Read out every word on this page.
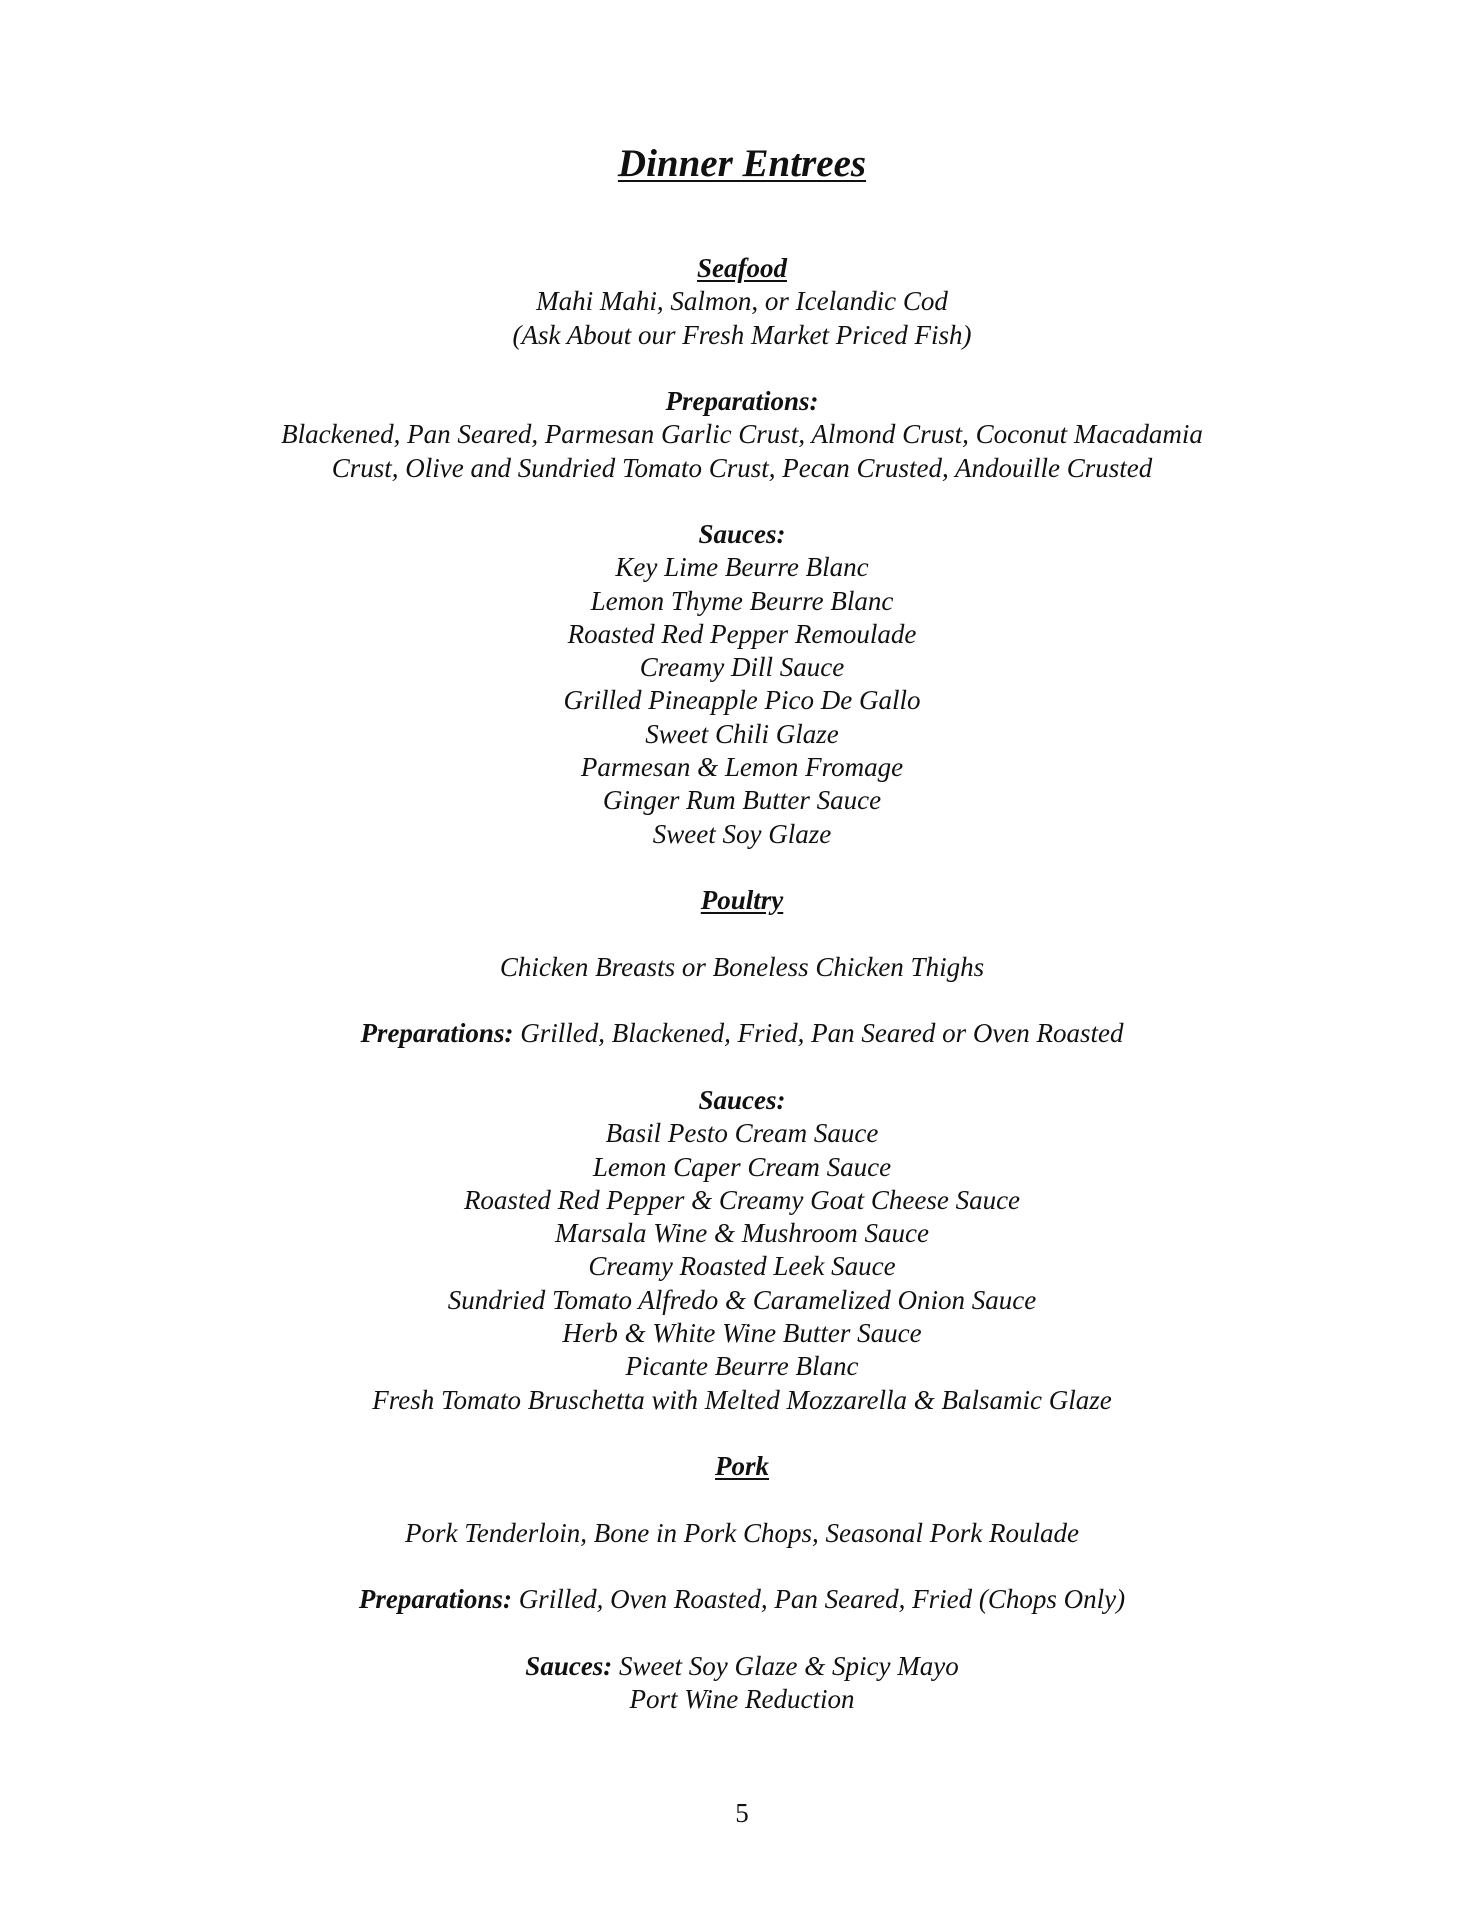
Dinner Entrees
Seafood
Mahi Mahi, Salmon, or Icelandic Cod
(Ask About our Fresh Market Priced Fish)
Preparations:
Blackened, Pan Seared, Parmesan Garlic Crust, Almond Crust, Coconut Macadamia
Crust, Olive and Sundried Tomato Crust, Pecan Crusted, Andouille Crusted
Sauces:
Key Lime Beurre Blanc
Lemon Thyme Beurre Blanc
Roasted Red Pepper Remoulade
Creamy Dill Sauce
Grilled Pineapple Pico De Gallo
Sweet Chili Glaze
Parmesan & Lemon Fromage
Ginger Rum Butter Sauce
Sweet Soy Glaze
Poultry
Chicken Breasts or Boneless Chicken Thighs
Preparations: Grilled, Blackened, Fried, Pan Seared or Oven Roasted
Sauces:
Basil Pesto Cream Sauce
Lemon Caper Cream Sauce
Roasted Red Pepper & Creamy Goat Cheese Sauce
Marsala Wine & Mushroom Sauce
Creamy Roasted Leek Sauce
Sundried Tomato Alfredo & Caramelized Onion Sauce
Herb & White Wine Butter Sauce
Picante Beurre Blanc
Fresh Tomato Bruschetta with Melted Mozzarella & Balsamic Glaze
Pork
Pork Tenderloin, Bone in Pork Chops, Seasonal Pork Roulade
Preparations: Grilled, Oven Roasted, Pan Seared, Fried (Chops Only)
Sauces: Sweet Soy Glaze & Spicy Mayo
Port Wine Reduction
5
